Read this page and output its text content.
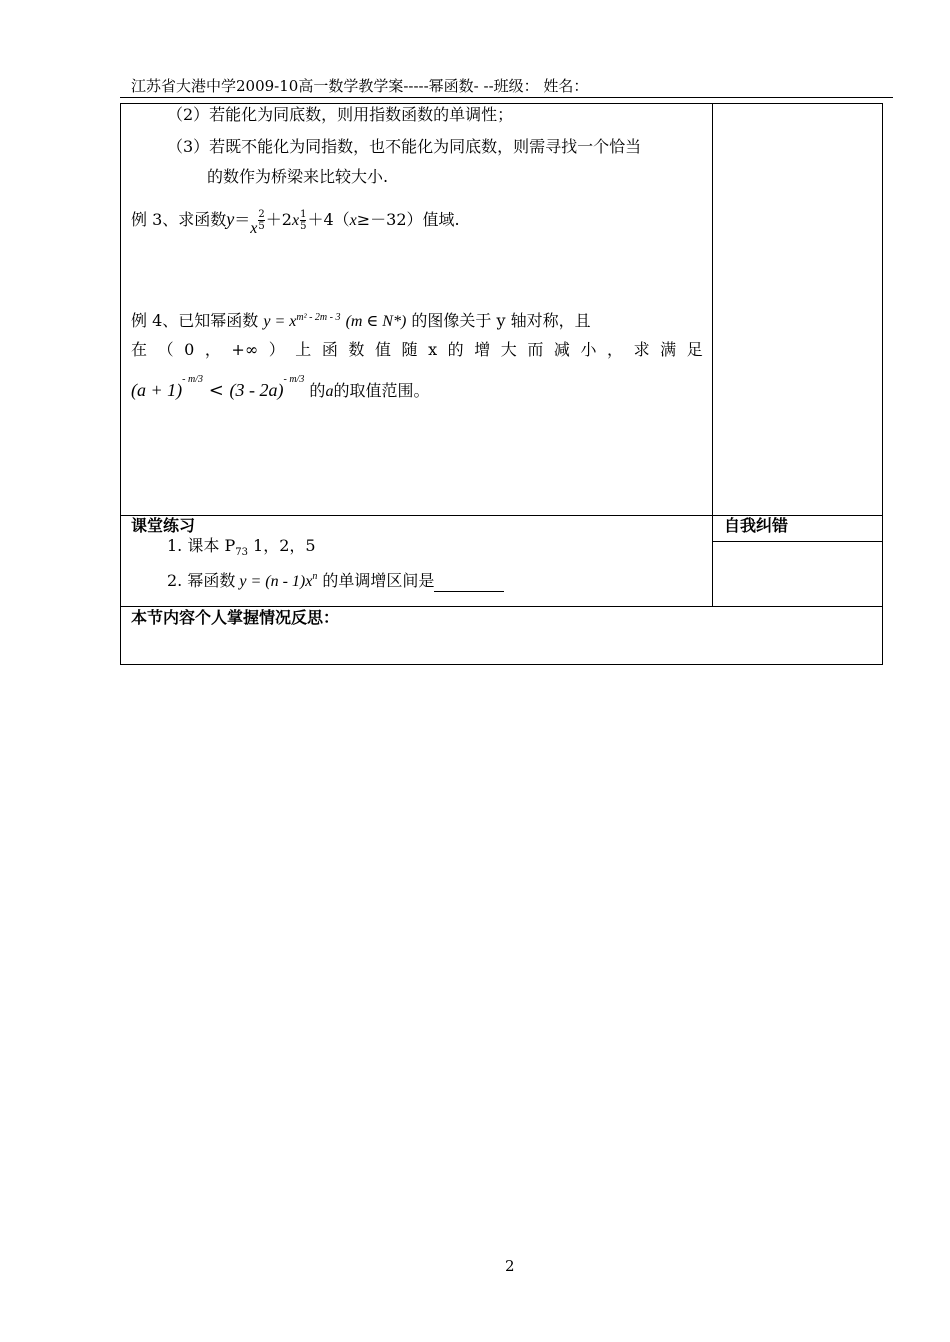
江苏省大港中学2009-10高一数学教学案-----幂函数- --班级： 姓名：
（2）若能化为同底数，则用指数函数的单调性；
（3）若既不能化为同指数，也不能化为同底数，则需寻找一个恰当
的数作为桥梁来比较大小.
例 3、求函数$y=x\frac{2}{5}+2x\frac{1}{5}+4(x\ge-32)$值域.
例 4、已知幂函数 $y = x^{m^2 - 2m - 3}$ (m ∈ N*) 的图像关于 y 轴对称，且
在 （ 0 ， +∞ ） 上 函 数 值 随 x 的 增 大 而 减 小 ， 求 满 足
$(a + 1)^{- m/3} < (3 - 2a)^{- m/3}$ 的a的取值范围。
课堂练习
1. 课本 $P_{73}$ 1，2，5
2. 幂函数 $y = (n - 1)x^n$ 的单调增区间是
自我纠错
本节内容个人掌握情况反思：
2
